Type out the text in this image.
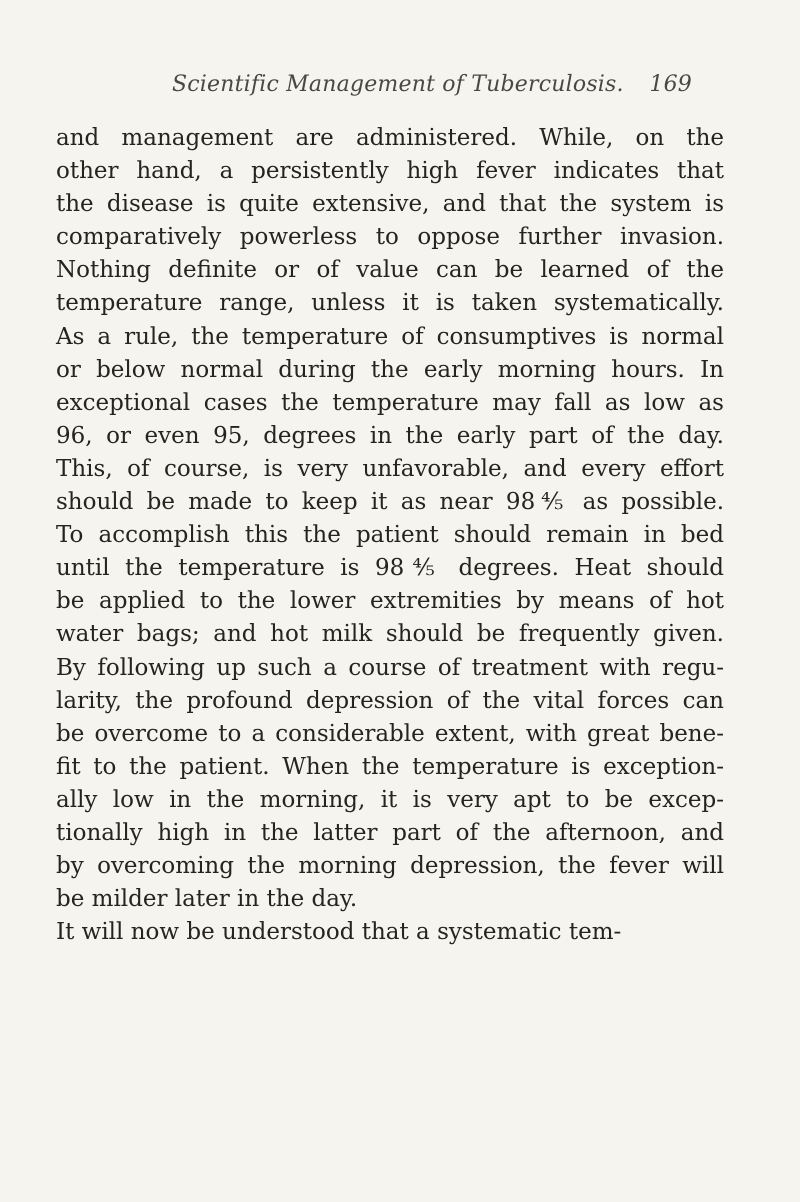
Scientific Management of Tuberculosis. 169
and management are administered. While, on the
other hand, a persistently high fever indicates that
the disease is quite extensive, and that the system is
comparatively powerless to oppose further invasion.
Nothing definite or of value can be learned of the
temperature range, unless it is taken systematically.
As a rule, the temperature of consumptives is normal
or below normal during the early morning hours. In
exceptional cases the temperature may fall as low as
96, or even 95, degrees in the early part of the day.
This, of course, is very unfavorable, and every effort
should be made to keep it as near 98⅘ as possible.
To accomplish this the patient should remain in bed
until the temperature is 98⅘ degrees. Heat should
be applied to the lower extremities by means of hot
water bags; and hot milk should be frequently given.
By following up such a course of treatment with regu-
larity, the profound depression of the vital forces can
be overcome to a considerable extent, with great bene-
fit to the patient. When the temperature is exception-
ally low in the morning, it is very apt to be excep-
tionally high in the latter part of the afternoon, and
by overcoming the morning depression, the fever will
be milder later in the day.
It will now be understood that a systematic tem-
